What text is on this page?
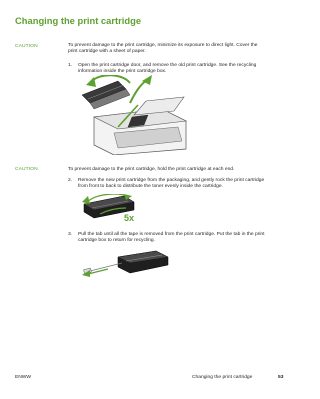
Changing the print cartridge
CAUTION	To prevent damage to the print cartridge, minimize its exposure to direct light. Cover the
print cartridge with a sheet of paper.
1. Open the print cartridge door, and remove the old print cartridge. See the recycling
information inside the print cartridge box.
CAUTION	To prevent damage to the print cartridge, hold the print cartridge at each end.
2. Remove the new print cartridge from the packaging, and gently rock the print cartridge
from front to back to distribute the toner evenly inside the cartridge.
5x
3. Pull the tab until all the tape is removed from the print cartridge. Put the tab in the print
cartridge box to return for recycling.
ENWW	Changing the print cartridge	53
